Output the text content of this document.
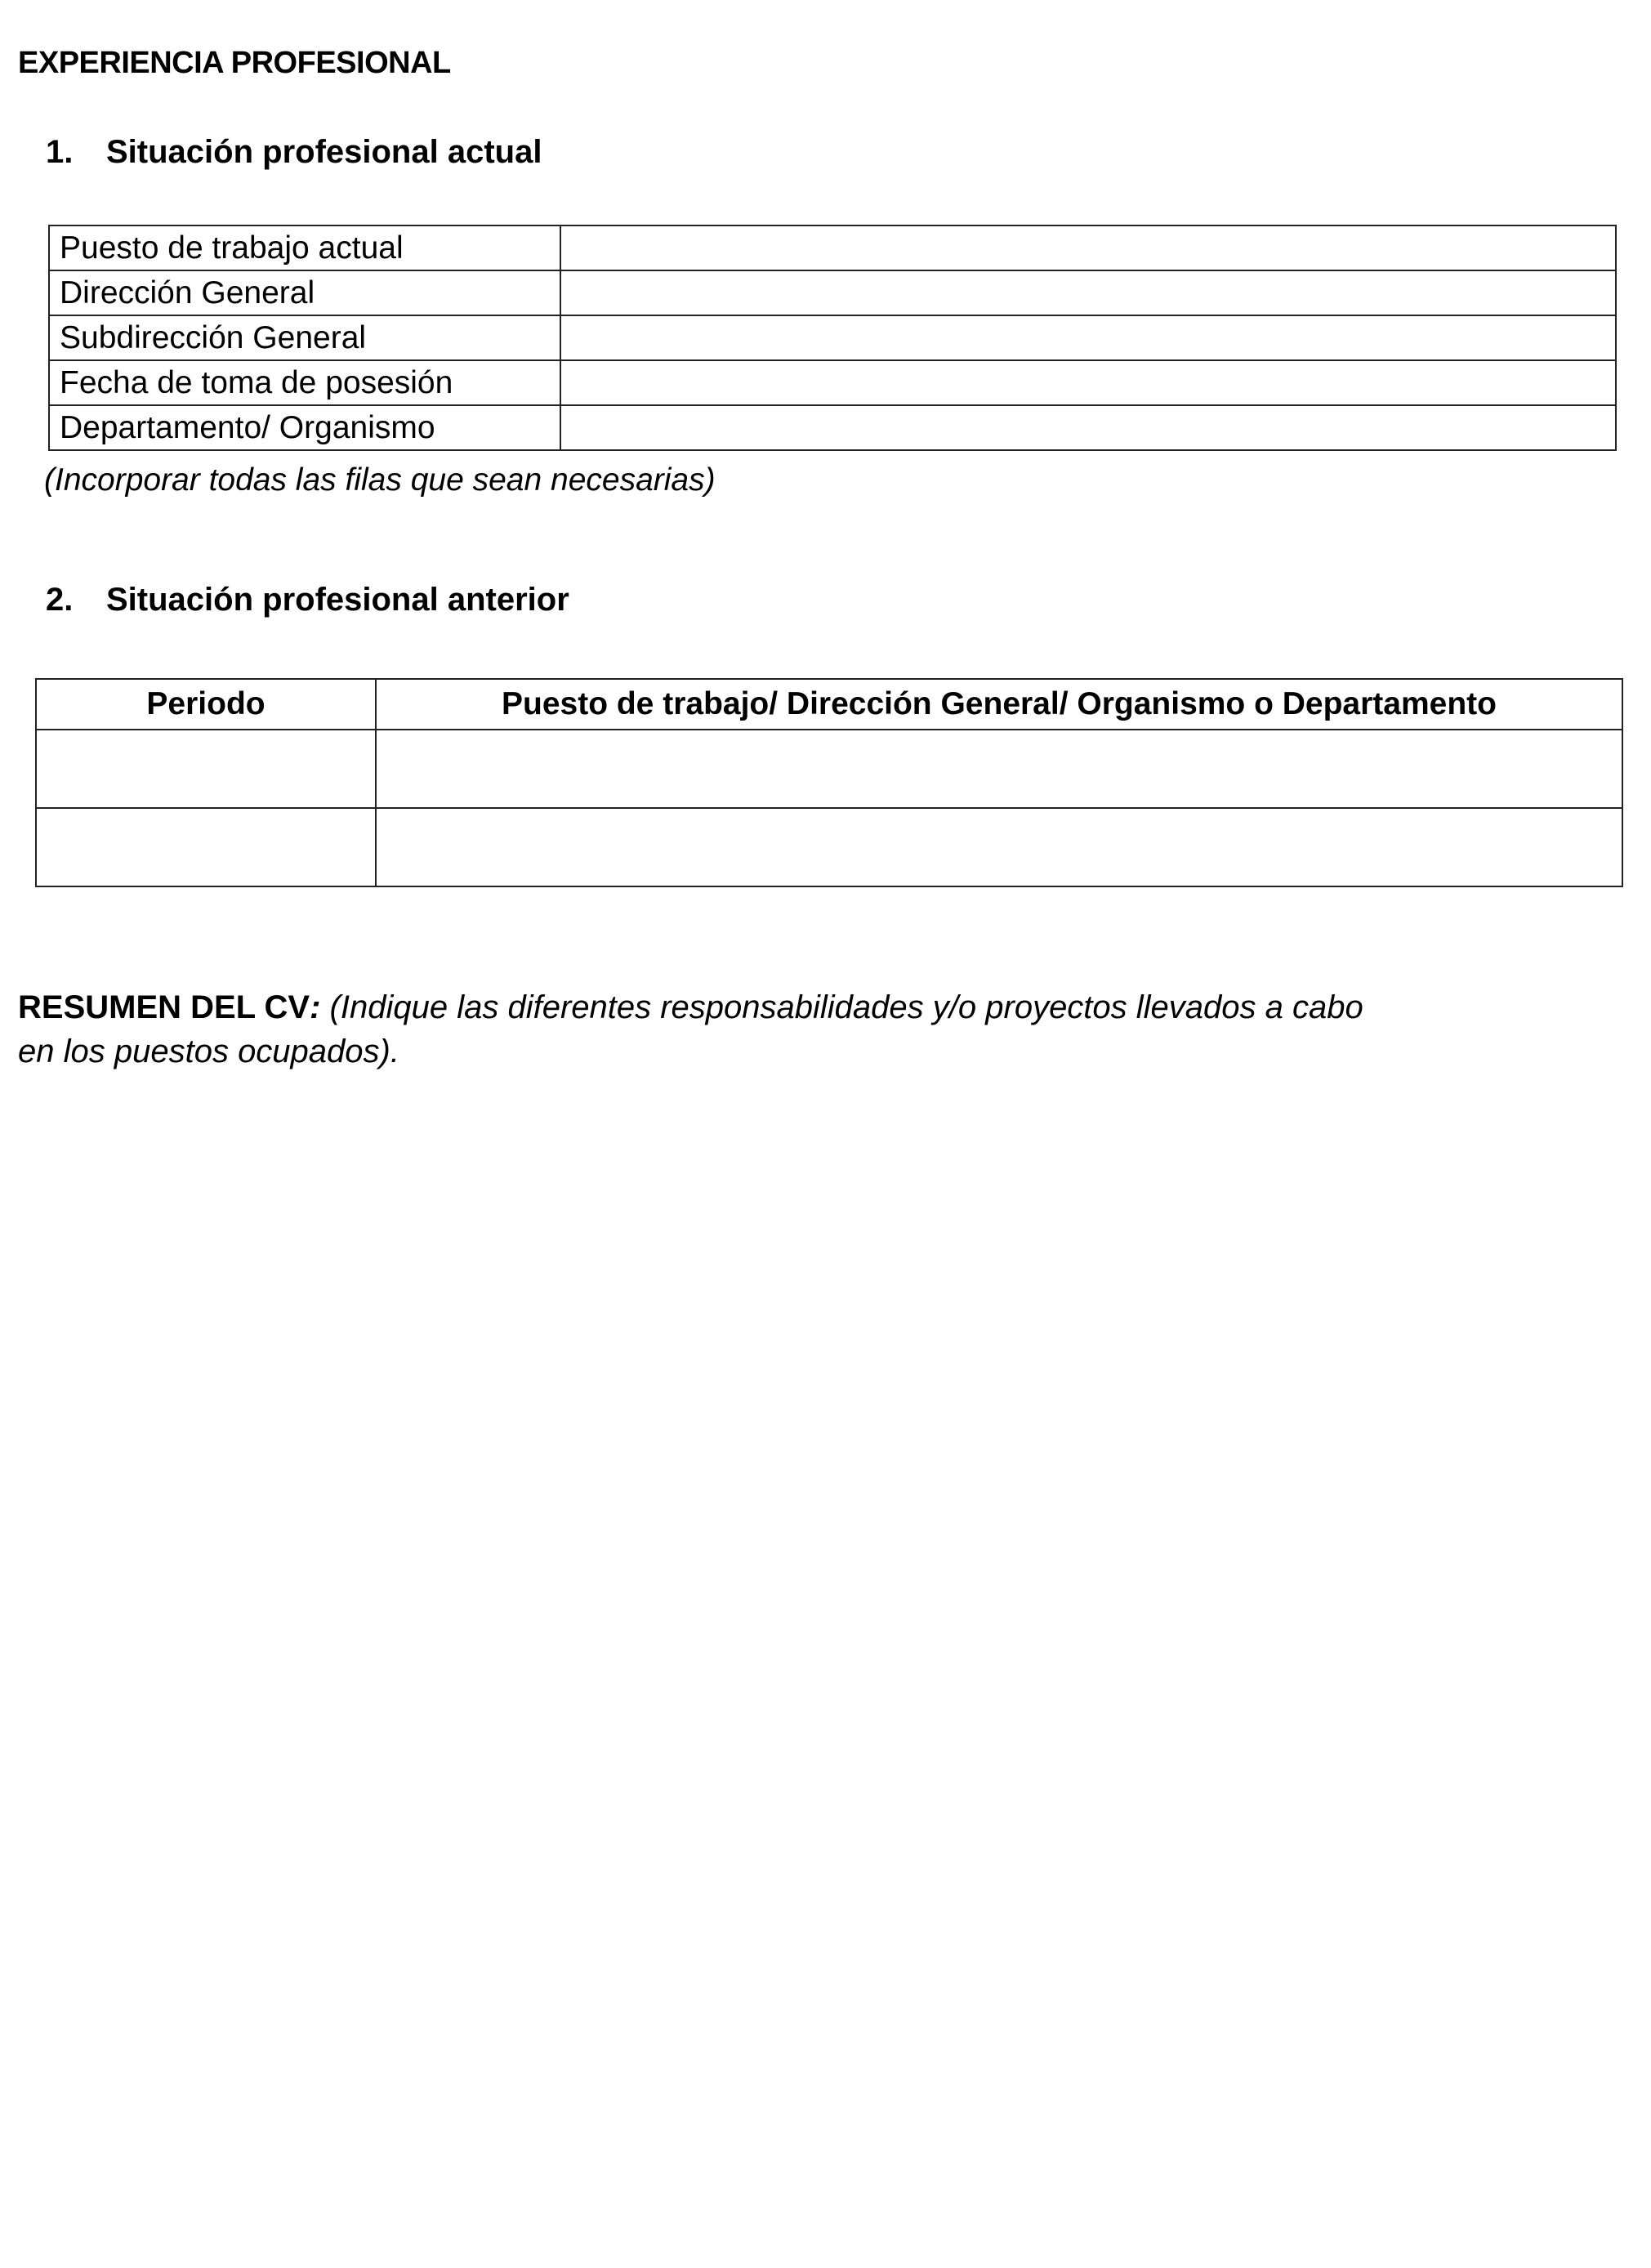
EXPERIENCIA PROFESIONAL
1. Situación profesional actual
Puesto de trabajo actual	
Dirección General	
Subdirección General	
Fecha de toma de posesión	
Departamento/ Organismo	
(Incorporar todas las filas que sean necesarias)
2. Situación profesional anterior
Periodo	Puesto de trabajo/ Dirección General/ Organismo o Departamento

RESUMEN DEL CV: (Indique las diferentes responsabilidades y/o proyectos llevados a cabo
en los puestos ocupados).
